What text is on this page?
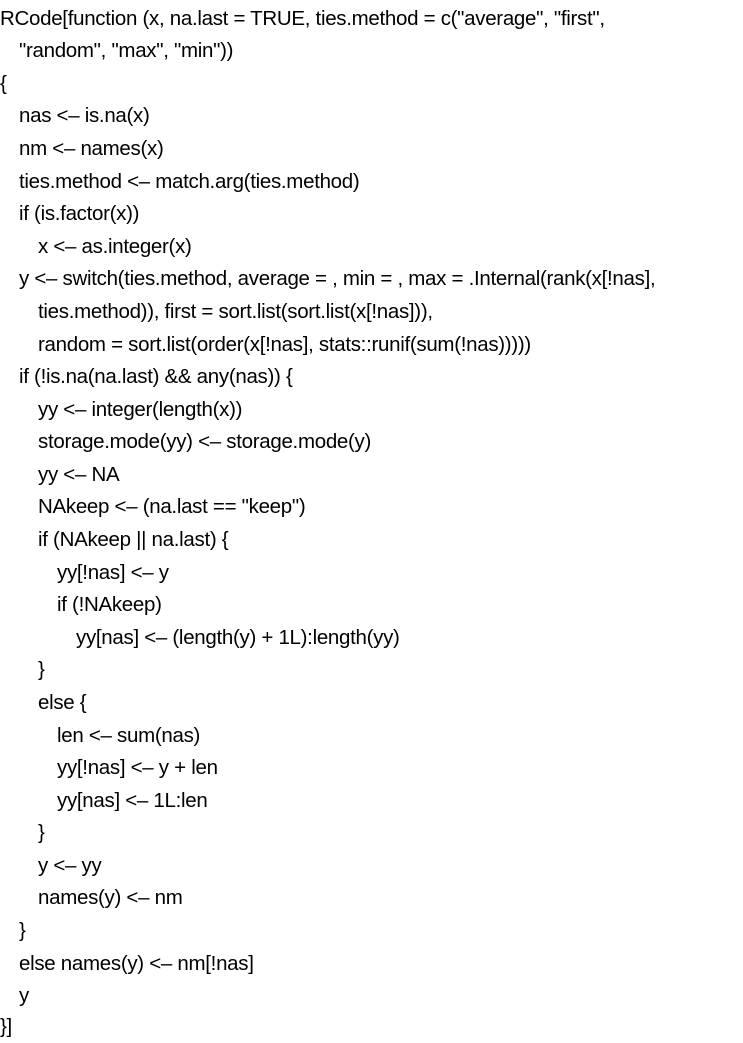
RCode[function (x, na.last = TRUE, ties.method = c("average", "first",

"random", "max", "min"))

{

nas <– is.na(x)

nm <– names(x)

ties.method <– match.arg(ties.method)

if (is.factor(x))

x <– as.integer(x)

y <– switch(ties.method, average = , min = , max = .Internal(rank(x[!nas],

ties.method)), first = sort.list(sort.list(x[!nas])),

random = sort.list(order(x[!nas], stats::runif(sum(!nas)))))

if (!is.na(na.last) && any(nas)) {

yy <– integer(length(x))

storage.mode(yy) <– storage.mode(y)

yy <– NA

NAkeep <– (na.last == "keep")

if (NAkeep || na.last) {

yy[!nas] <– y

if (!NAkeep)

yy[nas] <– (length(y) + 1L):length(yy)

}

else {

len <– sum(nas)

yy[!nas] <– y + len

yy[nas] <– 1L:len

}

y <– yy

names(y) <– nm

}

else names(y) <– nm[!nas]

y

}]
